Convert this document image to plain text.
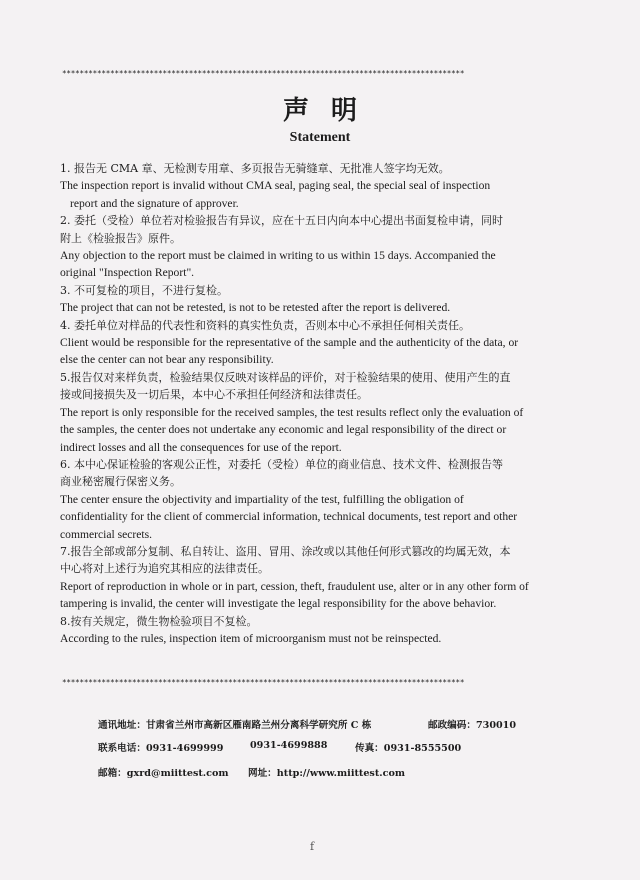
********************************************************************************************
声明
Statement
1. 报告无 CMA 章、无检测专用章、多页报告无骑缝章、无批准人签字均无效。
The inspection report is invalid without CMA seal, paging seal, the special seal of inspection
report and the signature of approver.
2. 委托（受检）单位若对检验报告有异议，应在十五日内向本中心提出书面复检申请，同时
附上《检验报告》原件。
Any objection to the report must be claimed in writing to us within 15 days. Accompanied the
original "Inspection Report".
3. 不可复检的项目，不进行复检。
The project that can not be retested, is not to be retested after the report is delivered.
4. 委托单位对样品的代表性和资料的真实性负责，否则本中心不承担任何相关责任。
Client would be responsible for the representative of the sample and the authenticity of the data, or
else the center can not bear any responsibility.
5.报告仅对来样负责，检验结果仅反映对该样品的评价，对于检验结果的使用、使用产生的直
接或间接损失及一切后果，本中心不承担任何经济和法律责任。
The report is only responsible for the received samples, the test results reflect only the evaluation of
the samples, the center does not undertake any economic and legal responsibility of the direct or
indirect losses and all the consequences for use of the report.
6. 本中心保证检验的客观公正性，对委托（受检）单位的商业信息、技术文件、检测报告等
商业秘密履行保密义务。
The center ensure the objectivity and impartiality of the test, fulfilling the obligation of
confidentiality for the client of commercial information, technical documents, test report and other
commercial secrets.
7.报告全部或部分复制、私自转让、盗用、冒用、涂改或以其他任何形式篡改的均属无效，本
中心将对上述行为追究其相应的法律责任。
Report of reproduction in whole or in part, cession, theft, fraudulent use, alter or in any other form of
tampering is invalid, the center will investigate the legal responsibility for the above behavior.
8.按有关规定，微生物检验项目不复检。
According to the rules, inspection item of microorganism must not be reinspected.
********************************************************************************************
通讯地址：甘肃省兰州市高新区雁南路兰州分离科学研究所 C 栋	邮政编码：730010
联系电话：0931-4699999	0931-4699888	传真：0931-8555500
邮箱：gxrd@miittest.com 网址：http://www.miittest.com
f
